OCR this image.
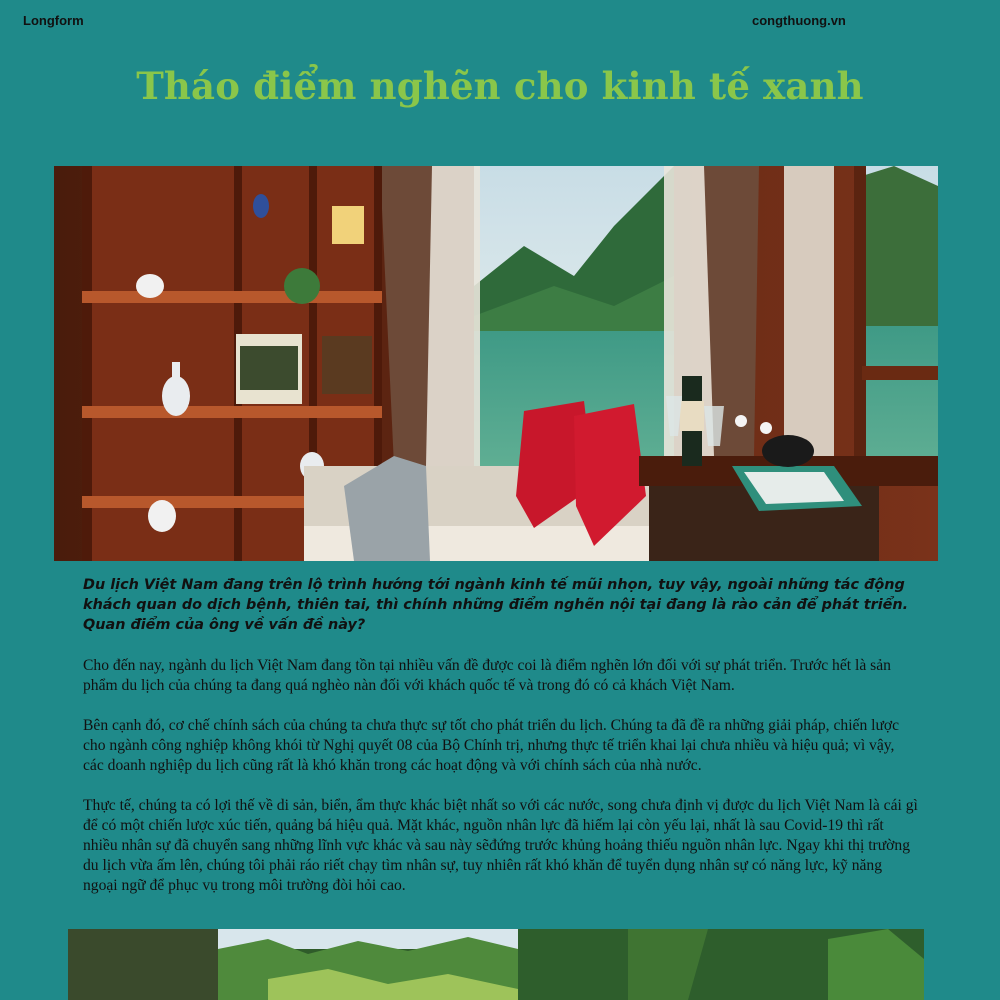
Longform	congthuong.vn
Tháo điểm nghẽn cho kinh tế xanh

Du lịch Việt Nam đang trên lộ trình hướng tới ngành kinh tế mũi nhọn, tuy vậy, ngoài những tác động khách quan do dịch bệnh, thiên tai, thì chính những điểm nghẽn nội tại đang là rào cản để phát triển. Quan điểm của ông về vấn đề này?

Cho đến nay, ngành du lịch Việt Nam đang tồn tại nhiều vấn đề được coi là điểm nghẽn lớn đối với sự phát triển. Trước hết là sản phẩm du lịch của chúng ta đang quá nghèo nàn đối với khách quốc tế và trong đó có cả khách Việt Nam.

Bên cạnh đó, cơ chế chính sách của chúng ta chưa thực sự tốt cho phát triển du lịch. Chúng ta đã đề ra những giải pháp, chiến lược cho ngành công nghiệp không khói từ Nghị quyết 08 của Bộ Chính trị, nhưng thực tế triển khai lại chưa nhiều và hiệu quả; vì vậy, các doanh nghiệp du lịch cũng rất là khó khăn trong các hoạt động và với chính sách của nhà nước.

Thực tế, chúng ta có lợi thế về di sản, biển, ẩm thực khác biệt nhất so với các nước, song chưa định vị được du lịch Việt Nam là cái gì để có một chiến lược xúc tiến, quảng bá hiệu quả. Mặt khác, nguồn nhân lực đã hiếm lại còn yếu lại, nhất là sau Covid-19 thì rất nhiều nhân sự đã chuyển sang những lĩnh vực khác và sau này sẽđứng trước khủng hoảng thiếu nguồn nhân lực. Ngay khi thị trường du lịch vừa ấm lên, chúng tôi phải ráo riết chạy tìm nhân sự, tuy nhiên rất khó khăn để tuyển dụng nhân sự có năng lực, kỹ năng ngoại ngữ để phục vụ trong môi trường đòi hỏi cao.
